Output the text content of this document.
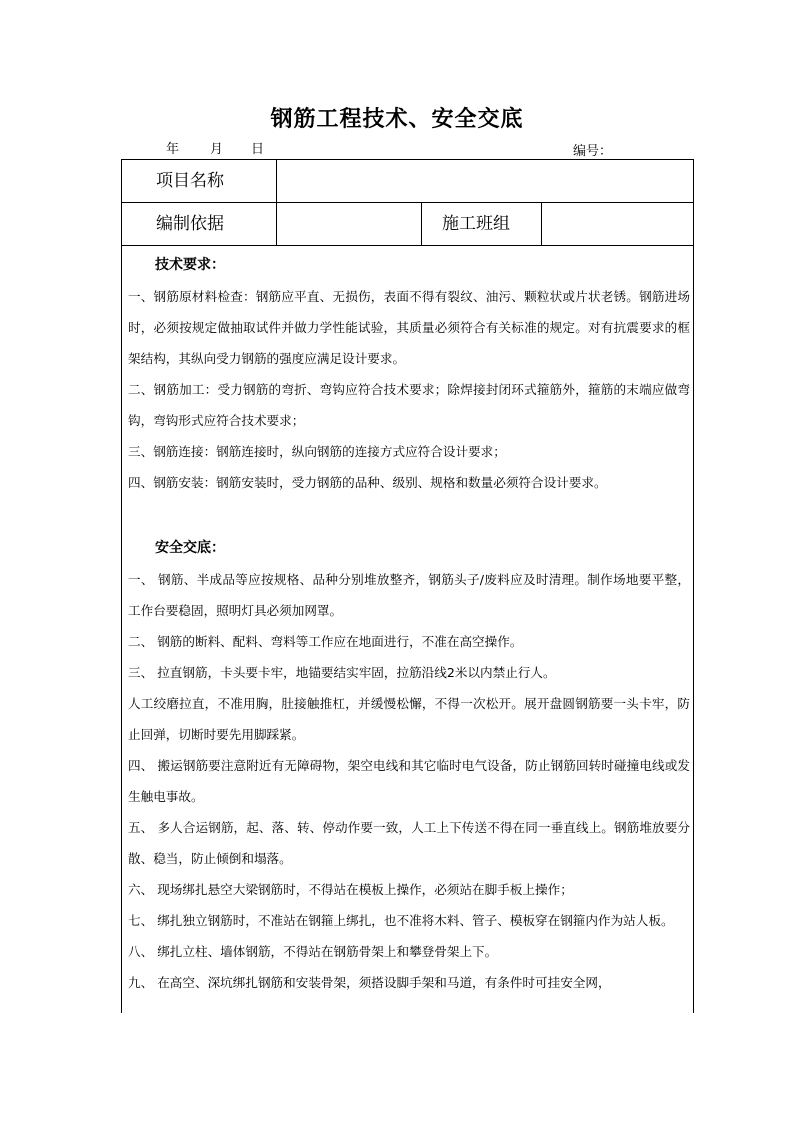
钢筋工程技术、安全交底
年 月 日	编号：
项目名称
编制依据	施工班组
技术要求：
一、钢筋原材料检查：钢筋应平直、无损伤，表面不得有裂纹、油污、颗粒状或片状老锈。钢筋进场时，必须按规定做抽取试件并做力学性能试验，其质量必须符合有关标准的规定。对有抗震要求的框架结构，其纵向受力钢筋的强度应满足设计要求。
二、钢筋加工：受力钢筋的弯折、弯钩应符合技术要求；除焊接封闭环式箍筋外，箍筋的末端应做弯钩，弯钩形式应符合技术要求；
三、钢筋连接：钢筋连接时，纵向钢筋的连接方式应符合设计要求；
四、钢筋安装：钢筋安装时，受力钢筋的品种、级别、规格和数量必须符合设计要求。
安全交底：
一、 钢筋、半成品等应按规格、品种分别堆放整齐，钢筋头子/废料应及时清理。制作场地要平整，工作台要稳固，照明灯具必须加网罩。
二、 钢筋的断料、配料、弯料等工作应在地面进行，不准在高空操作。
三、 拉直钢筋，卡头要卡牢，地锚要结实牢固，拉筋沿线2米以内禁止行人。
人工绞磨拉直，不准用胸，肚接触推杠，并缓慢松懈，不得一次松开。展开盘圆钢筋要一头卡牢，防止回弹，切断时要先用脚踩紧。
四、 搬运钢筋要注意附近有无障碍物，架空电线和其它临时电气设备，防止钢筋回转时碰撞电线或发生触电事故。
五、 多人合运钢筋，起、落、转、停动作要一致，人工上下传送不得在同一垂直线上。钢筋堆放要分散、稳当，防止倾倒和塌落。
六、 现场绑扎悬空大梁钢筋时，不得站在模板上操作，必须站在脚手板上操作；
七、 绑扎独立钢筋时，不准站在钢箍上绑扎，也不准将木料、管子、模板穿在钢箍内作为站人板。
八、 绑扎立柱、墙体钢筋，不得站在钢筋骨架上和攀登骨架上下。
九、 在高空、深坑绑扎钢筋和安装骨架，须搭设脚手架和马道，有条件时可挂安全网，
